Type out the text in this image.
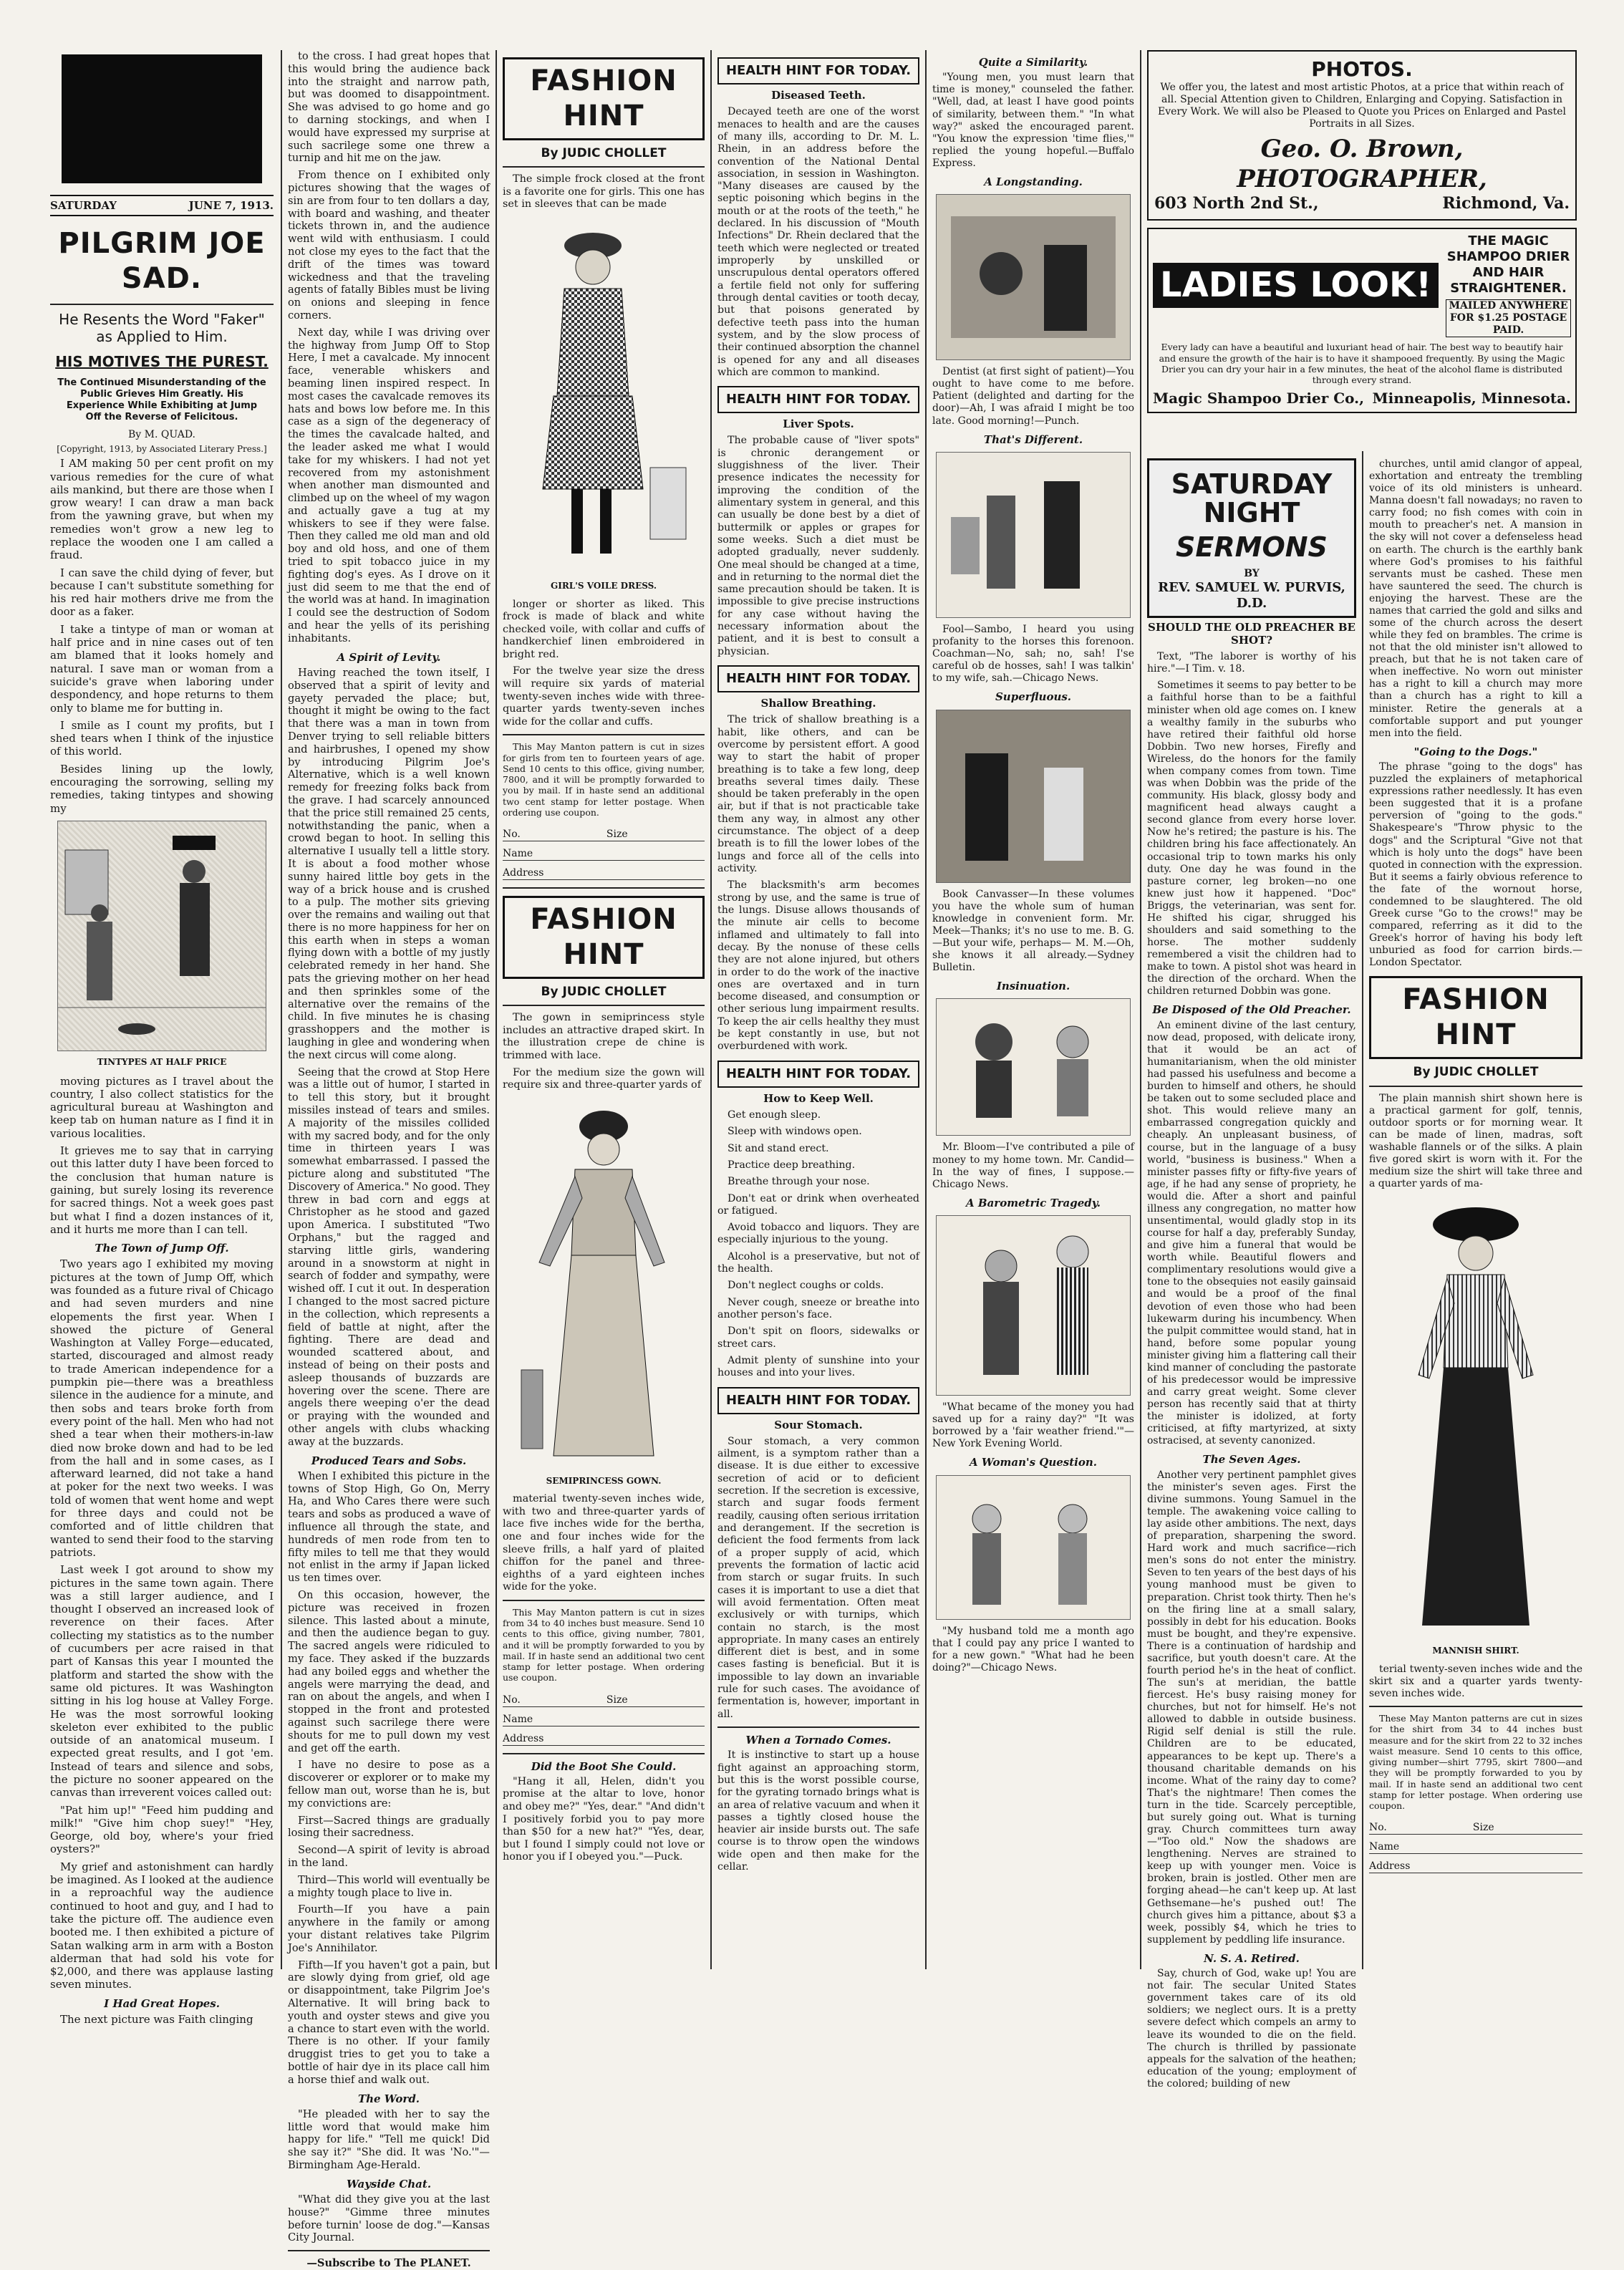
SATURDAY	JUNE 7, 1913.
PILGRIM JOE SAD.
He Resents the Word "Faker" as Applied to Him.
HIS MOTIVES THE PUREST.
The Continued Misunderstanding of the Public Grieves Him Greatly. His Experience While Exhibiting at Jump Off the Reverse of Felicitous.
By M. QUAD.
[Copyright, 1913, by Associated Literary Press.]

I AM making 50 per cent profit on my various remedies for the cure of what ails mankind, but there are those when I grow weary! I can draw a man back from the yawning grave, but when my remedies won't grow a new leg to replace the wooden one I am called a fraud.

I can save the child dying of fever, but because I can't substitute something for his red hair mothers drive me from the door as a faker.

I take a tintype of man or woman at half price and in nine cases out of ten am blamed that it looks homely and natural. I save man or woman from a suicide's grave when laboring under despondency, and hope returns to them only to blame me for butting in.

I smile as I count my profits, but I shed tears when I think of the injustice of this world.

Besides lining up the lowly, encouraging the sorrowing, selling my remedies, taking tintypes and showing my

TINTYPES AT HALF PRICE

moving pictures as I travel about the country, I also collect statistics for the agricultural bureau at Washington and keep tab on human nature as I find it in various localities.

It grieves me to say that in carrying out this latter duty I have been forced to the conclusion that human nature is gaining, but surely losing its reverence for sacred things. Not a week goes past but what I find a dozen instances of it, and it hurts me more than I can tell.

The Town of Jump Off.

Two years ago I exhibited my moving pictures at the town of Jump Off, which was founded as a future rival of Chicago and had seven murders and nine elopements the first year. When I showed the picture of General Washington at Valley Forge—educated, started, discouraged and almost ready to trade American independence for a pumpkin pie—there was a breathless silence in the audience for a minute, and then sobs and tears broke forth from every point of the hall. Men who had not shed a tear when their mothers-in-law died now broke down and had to be led from the hall and in some cases, as I afterward learned, did not take a hand at poker for the next two weeks. I was told of women that went home and wept for three days and could not be comforted and of little children that wanted to send their food to the starving patriots.

Last week I got around to show my pictures in the same town again. There was a still larger audience, and I thought I observed an increased look of reverence on their faces. After collecting my statistics as to the number of cucumbers per acre raised in that part of Kansas this year I mounted the platform and started the show with the same old pictures. It was Washington sitting in his log house at Valley Forge. He was the most sorrowful looking skeleton ever exhibited to the public outside of an anatomical museum. I expected great results, and I got 'em. Instead of tears and silence and sobs, the picture no sooner appeared on the canvas than irreverent voices called out:

"Pat him up!" "Feed him pudding and milk!" "Give him chop suey!" "Hey, George, old boy, where's your fried oysters?"

My grief and astonishment can hardly be imagined. As I looked at the audience in a reproachful way the audience continued to hoot and guy, and I had to take the picture off. The audience even booted me. I then exhibited a picture of Satan walking arm in arm with a Boston alderman that had sold his vote for $2,000, and there was applause lasting seven minutes.

I Had Great Hopes.

The next picture was Faith clinging

to the cross. I had great hopes that this would bring the audience back into the straight and narrow path, but was doomed to disappointment. She was advised to go home and go to darning stockings, and when I would have expressed my surprise at such sacrilege some one threw a turnip and hit me on the jaw.

From thence on I exhibited only pictures showing that the wages of sin are from four to ten dollars a day, with board and washing, and theater tickets thrown in, and the audience went wild with enthusiasm. I could not close my eyes to the fact that the drift of the times was toward wickedness and that the traveling agents of fatally Bibles must be living on onions and sleeping in fence corners.

Next day, while I was driving over the highway from Jump Off to Stop Here, I met a cavalcade. My innocent face, venerable whiskers and beaming linen inspired respect. In most cases the cavalcade removes its hats and bows low before me. In this case as a sign of the degeneracy of the times the cavalcade halted, and the leader asked me what I would take for my whiskers. I had not yet recovered from my astonishment when another man dismounted and climbed up on the wheel of my wagon and actually gave a tug at my whiskers to see if they were false. Then they called me old man and old boy and old hoss, and one of them tried to spit tobacco juice in my fighting dog's eyes. As I drove on it just did seem to me that the end of the world was at hand. In imagination I could see the destruction of Sodom and hear the yells of its perishing inhabitants.

A Spirit of Levity.

Having reached the town itself, I observed that a spirit of levity and gayety pervaded the place; but, thought it might be owing to the fact that there was a man in town from Denver trying to sell reliable bitters and hairbrushes, I opened my show by introducing Pilgrim Joe's Alternative, which is a well known remedy for freezing folks back from the grave. I had scarcely announced that the price still remained 25 cents, notwithstanding the panic, when a crowd began to hoot. In selling this alternative I usually tell a little story. It is about a food mother whose sunny haired little boy gets in the way of a brick house and is crushed to a pulp. The mother sits grieving over the remains and wailing out that there is no more happiness for her on this earth when in steps a woman flying down with a bottle of my justly celebrated remedy in her hand. She pats the grieving mother on her head and then sprinkles some of the alternative over the remains of the child. In five minutes he is chasing grasshoppers and the mother is laughing in glee and wondering when the next circus will come along.

Seeing that the crowd at Stop Here was a little out of humor, I started in to tell this story, but it brought missiles instead of tears and smiles. A majority of the missiles collided with my sacred body, and for the only time in thirteen years I was somewhat embarrassed. I passed the picture along and substituted "The Discovery of America." No good. They threw in bad corn and eggs at Christopher as he stood and gazed upon America. I substituted "Two Orphans," but the ragged and starving little girls, wandering around in a snowstorm at night in search of fodder and sympathy, were wished off. I cut it out. In desperation I changed to the most sacred picture in the collection, which represents a field of battle at night, after the fighting. There are dead and wounded scattered about, and instead of being on their posts and asleep thousands of buzzards are hovering over the scene. There are angels there weeping o'er the dead or praying with the wounded and other angels with clubs whacking away at the buzzards.

Produced Tears and Sobs.

When I exhibited this picture in the towns of Stop High, Go On, Merry Ha, and Who Cares there were such tears and sobs as produced a wave of influence all through the state, and hundreds of men rode from ten to fifty miles to tell me that they would not enlist in the army if Japan licked us ten times over.

On this occasion, however, the picture was received in frozen silence. This lasted about a minute, and then the audience began to guy. The sacred angels were ridiculed to my face. They asked if the buzzards had any boiled eggs and whether the angels were marrying the dead, and ran on about the angels, and when I stopped in the front and protested against such sacrilege there were shouts for me to pull down my vest and get off the earth.

I have no desire to pose as a discoverer or explorer or to make my fellow man out, worse than he is, but my convictions are:

First—Sacred things are gradually losing their sacredness.

Second—A spirit of levity is abroad in the land.

Third—This world will eventually be a mighty tough place to live in.

Fourth—If you have a pain anywhere in the family or among your distant relatives take Pilgrim Joe's Annihilator.

Fifth—If you haven't got a pain, but are slowly dying from grief, old age or disappointment, take Pilgrim Joe's Alternative. It will bring back to youth and oyster stews and give you a chance to start even with the world. There is no other. If your family druggist tries to get you to take a bottle of hair dye in its place call him a horse thief and walk out.

The Word.

"He pleaded with her to say the little word that would make him happy for life." "Tell me quick! Did she say it?" "She did. It was 'No.'"—Birmingham Age-Herald.

Wayside Chat.

"What did they give you at the last house?" "Gimme three minutes before turnin' loose de dog."—Kansas City Journal.

—Subscribe to The PLANET.
FASHION HINT
By JUDIC CHOLLET

The simple frock closed at the front is a favorite one for girls. This one has set in sleeves that can be made

GIRL'S VOILE DRESS.

longer or shorter as liked. This frock is made of black and white checked voile, with collar and cuffs of handkerchief linen embroidered in bright red.

For the twelve year size the dress will require six yards of material twenty-seven inches wide with three-quarter yards twenty-seven inches wide for the collar and cuffs.

This May Manton pattern is cut in sizes for girls from ten to fourteen years of age. Send 10 cents to this office, giving number, 7800, and it will be promptly forwarded to you by mail. If in haste send an additional two cent stamp for letter postage. When ordering use coupon.

No.	Size
Name
Address
FASHION HINT
By JUDIC CHOLLET

The gown in semiprincess style includes an attractive draped skirt. In the illustration crepe de chine is trimmed with lace.

For the medium size the gown will require six and three-quarter yards of

SEMIPRINCESS GOWN.

material twenty-seven inches wide, with two and three-quarter yards of lace five inches wide for the bertha, one and four inches wide for the sleeve frills, a half yard of plaited chiffon for the panel and three-eighths of a yard eighteen inches wide for the yoke.

This May Manton pattern is cut in sizes from 34 to 40 inches bust measure. Send 10 cents to this office, giving number, 7801, and it will be promptly forwarded to you by mail. If in haste send an additional two cent stamp for letter postage. When ordering use coupon.

No.	Size
Name
Address
Did the Boot She Could.

"Hang it all, Helen, didn't you promise at the altar to love, honor and obey me?" "Yes, dear." "And didn't I positively forbid you to pay more than $50 for a new hat?" "Yes, dear, but I found I simply could not love or honor you if I obeyed you."—Puck.

HEALTH HINT FOR TODAY.
Diseased Teeth.

Decayed teeth are one of the worst menaces to health and are the causes of many ills, according to Dr. M. L. Rhein, in an address before the convention of the National Dental association, in session in Washington. "Many diseases are caused by the septic poisoning which begins in the mouth or at the roots of the teeth," he declared. In his discussion of "Mouth Infections" Dr. Rhein declared that the teeth which were neglected or treated improperly by unskilled or unscrupulous dental operators offered a fertile field not only for suffering through dental cavities or tooth decay, but that poisons generated by defective teeth pass into the human system, and by the slow process of their continued absorption the channel is opened for any and all diseases which are common to mankind.

HEALTH HINT FOR TODAY.
Liver Spots.

The probable cause of "liver spots" is chronic derangement or sluggishness of the liver. Their presence indicates the necessity for improving the condition of the alimentary system in general, and this can usually be done best by a diet of buttermilk or apples or grapes for some weeks. Such a diet must be adopted gradually, never suddenly. One meal should be changed at a time, and in returning to the normal diet the same precaution should be taken. It is impossible to give precise instructions for any case without having the necessary information about the patient, and it is best to consult a physician.

HEALTH HINT FOR TODAY.
Shallow Breathing.

The trick of shallow breathing is a habit, like others, and can be overcome by persistent effort. A good way to start the habit of proper breathing is to take a few long, deep breaths several times daily. These should be taken preferably in the open air, but if that is not practicable take them any way, in almost any other circumstance. The object of a deep breath is to fill the lower lobes of the lungs and force all of the cells into activity.

The blacksmith's arm becomes strong by use, and the same is true of the lungs. Disuse allows thousands of the minute air cells to become inflamed and ultimately to fall into decay. By the nonuse of these cells they are not alone injured, but others in order to do the work of the inactive ones are overtaxed and in turn become diseased, and consumption or other serious lung impairment results. To keep the air cells healthy they must be kept constantly in use, but not overburdened with work.

HEALTH HINT FOR TODAY.
How to Keep Well.

Get enough sleep.

Sleep with windows open.

Sit and stand erect.

Practice deep breathing.

Breathe through your nose.

Don't eat or drink when overheated or fatigued.

Avoid tobacco and liquors. They are especially injurious to the young.

Alcohol is a preservative, but not of the health.

Don't neglect coughs or colds.

Never cough, sneeze or breathe into another person's face.

Don't spit on floors, sidewalks or street cars.

Admit plenty of sunshine into your houses and into your lives.

HEALTH HINT FOR TODAY.
Sour Stomach.

Sour stomach, a very common ailment, is a symptom rather than a disease. It is due either to excessive secretion of acid or to deficient secretion. If the secretion is excessive, starch and sugar foods ferment readily, causing often serious irritation and derangement. If the secretion is deficient the food ferments from lack of a proper supply of acid, which prevents the formation of lactic acid from starch or sugar fruits. In such cases it is important to use a diet that will avoid fermentation. Often meat exclusively or with turnips, which contain no starch, is the most appropriate. In many cases an entirely different diet is best, and in some cases fasting is beneficial. But it is impossible to lay down an invariable rule for such cases. The avoidance of fermentation is, however, important in all.

When a Tornado Comes.

It is instinctive to start up a house fight against an approaching storm, but this is the worst possible course, for the gyrating tornado brings what is an area of relative vacuum and when it passes a tightly closed house the heavier air inside bursts out. The safe course is to throw open the windows wide open and then make for the cellar.

Quite a Similarity.

"Young men, you must learn that time is money," counseled the father. "Well, dad, at least I have good points of similarity, between them." "In what way?" asked the encouraged parent. "You know the expression 'time flies,'" replied the young hopeful.—Buffalo Express.

A Longstanding.

Dentist (at first sight of patient)—You ought to have come to me before. Patient (delighted and darting for the door)—Ah, I was afraid I might be too late. Good morning!—Punch.

That's Different.

Fool—Sambo, I heard you using profanity to the horses this forenoon. Coachman—No, sah; no, sah! I'se careful ob de hosses, sah! I was talkin' to my wife, sah.—Chicago News.

Superfluous.

Book Canvasser—In these volumes you have the whole sum of human knowledge in convenient form. Mr. Meek—Thanks; it's no use to me. B. G.—But your wife, perhaps— M. M.—Oh, she knows it all already.—Sydney Bulletin.

Insinuation.

Mr. Bloom—I've contributed a pile of money to my home town. Mr. Candid—In the way of fines, I suppose.—Chicago News.

A Barometric Tragedy.

"What became of the money you had saved up for a rainy day?" "It was borrowed by a 'fair weather friend.'"—New York Evening World.

A Woman's Question.

"My husband told me a month ago that I could pay any price I wanted to for a new gown." "What had he been doing?"—Chicago News.

PHOTOS.

We offer you, the latest and most artistic Photos, at a price that within reach of all. Special Attention given to Children, Enlarging and Copying. Satisfaction in Every Work. We will also be Pleased to Quote you Prices on Enlarged and Pastel Portraits in all Sizes.

Geo. O. Brown, PHOTOGRAPHER,
603 North 2nd St.,	Richmond, Va.
LADIES LOOK!
THE MAGIC SHAMPOO DRIER AND HAIR STRAIGHTENER.
MAILED ANYWHERE FOR $1.25 POSTAGE PAID.

Every lady can have a beautiful and luxuriant head of hair. The best way to beautify hair and ensure the growth of the hair is to have it shampooed frequently. By using the Magic Drier you can dry your hair in a few minutes, the heat of the alcohol flame is distributed through every strand.

Magic Shampoo Drier Co., Minneapolis, Minnesota.
SATURDAY NIGHT
SERMONS
BY
REV. SAMUEL W. PURVIS, D.D.
SHOULD THE OLD PREACHER BE SHOT?

Text, "The laborer is worthy of his hire."—I Tim. v. 18.

Sometimes it seems to pay better to be a faithful horse than to be a faithful minister when old age comes on. I knew a wealthy family in the suburbs who have retired their faithful old horse Dobbin. Two new horses, Firefly and Wireless, do the honors for the family when company comes from town. Time was when Dobbin was the pride of the community. His black, glossy body and magnificent head always caught a second glance from every horse lover. Now he's retired; the pasture is his. The children bring his face affectionately. An occasional trip to town marks his only duty. One day he was found in the pasture corner, leg broken—no one knew just how it happened. "Doc" Briggs, the veterinarian, was sent for. He shifted his cigar, shrugged his shoulders and said something to the horse. The mother suddenly remembered a visit the children had to make to town. A pistol shot was heard in the direction of the orchard. When the children returned Dobbin was gone.

Be Disposed of the Old Preacher.

An eminent divine of the last century, now dead, proposed, with delicate irony, that it would be an act of humanitarianism, when the old minister had passed his usefulness and become a burden to himself and others, he should be taken out to some secluded place and shot. This would relieve many an embarrassed congregation quickly and cheaply. An unpleasant business, of course, but in the language of a busy world, "business is business." When a minister passes fifty or fifty-five years of age, if he had any sense of propriety, he would die. After a short and painful illness any congregation, no matter how unsentimental, would gladly stop in its course for half a day, preferably Sunday, and give him a funeral that would be worth while. Beautiful flowers and complimentary resolutions would give a tone to the obsequies not easily gainsaid and would be a proof of the final devotion of even those who had been lukewarm during his incumbency. When the pulpit committee would stand, hat in hand, before some popular young minister giving him a flattering call their kind manner of concluding the pastorate of his predecessor would be impressive and carry great weight. Some clever person has recently said that at thirty the minister is idolized, at forty criticised, at fifty martyrized, at sixty ostracised, at seventy canonized.

The Seven Ages.

Another very pertinent pamphlet gives the minister's seven ages. First the divine summons. Young Samuel in the temple. The awakening voice calling to lay aside other ambitions. The next, days of preparation, sharpening the sword. Hard work and much sacrifice—rich men's sons do not enter the ministry. Seven to ten years of the best days of his young manhood must be given to preparation. Christ took thirty. Then he's on the firing line at a small salary, possibly in debt for his education. Books must be bought, and they're expensive. There is a continuation of hardship and sacrifice, but youth doesn't care. At the fourth period he's in the heat of conflict. The sun's at meridian, the battle fiercest. He's busy raising money for churches, but not for himself. He's not allowed to dabble in outside business. Rigid self denial is still the rule. Children are to be educated, appearances to be kept up. There's a thousand charitable demands on his income. What of the rainy day to come? That's the nightmare! Then comes the turn in the tide. Scarcely perceptible, but surely going out. What is turning gray. Church committees turn away—"Too old." Now the shadows are lengthening. Nerves are strained to keep up with younger men. Voice is broken, brain is jostled. Other men are forging ahead—he can't keep up. At last Gethsemane—he's pushed out! The church gives him a pittance, about $3 a week, possibly $4, which he tries to supplement by peddling life insurance.

N. S. A. Retired.

Say, church of God, wake up! You are not fair. The secular United States government takes care of its old soldiers; we neglect ours. It is a pretty severe defect which compels an army to leave its wounded to die on the field. The church is thrilled by passionate appeals for the salvation of the heathen; education of the young; employment of the colored; building of new

churches, until amid clangor of appeal, exhortation and entreaty the trembling voice of its old ministers is unheard. Manna doesn't fall nowadays; no raven to carry food; no fish comes with coin in mouth to preacher's net. A mansion in the sky will not cover a defenseless head on earth. The church is the earthly bank where God's promises to his faithful servants must be cashed. These men have sauntered the seed. The church is enjoying the harvest. These are the names that carried the gold and silks and some of the church across the desert while they fed on brambles. The crime is not that the old minister isn't allowed to preach, but that he is not taken care of when ineffective. No worn out minister has a right to kill a church may more than a church has a right to kill a minister. Retire the generals at a comfortable support and put younger men into the field.

"Going to the Dogs."

The phrase "going to the dogs" has puzzled the explainers of metaphorical expressions rather needlessly. It has even been suggested that it is a profane perversion of "going to the gods." Shakespeare's "Throw physic to the dogs" and the Scriptural "Give not that which is holy unto the dogs" have been quoted in connection with the expression. But it seems a fairly obvious reference to the fate of the wornout horse, condemned to be slaughtered. The old Greek curse "Go to the crows!" may be compared, referring as it did to the Greek's horror of having his body left unburied as food for carrion birds.—London Spectator.

FASHION HINT
By JUDIC CHOLLET

The plain mannish shirt shown here is a practical garment for golf, tennis, outdoor sports or for morning wear. It can be made of linen, madras, soft washable flannels or of the silks. A plain five gored skirt is worn with it. For the medium size the shirt will take three and a quarter yards of ma-

MANNISH SHIRT.

terial twenty-seven inches wide and the skirt six and a quarter yards twenty-seven inches wide.

These May Manton patterns are cut in sizes for the shirt from 34 to 44 inches bust measure and for the skirt from 22 to 32 inches waist measure. Send 10 cents to this office, giving number—shirt 7795, skirt 7800—and they will be promptly forwarded to you by mail. If in haste send an additional two cent stamp for letter postage. When ordering use coupon.

No.	Size
Name
Address
